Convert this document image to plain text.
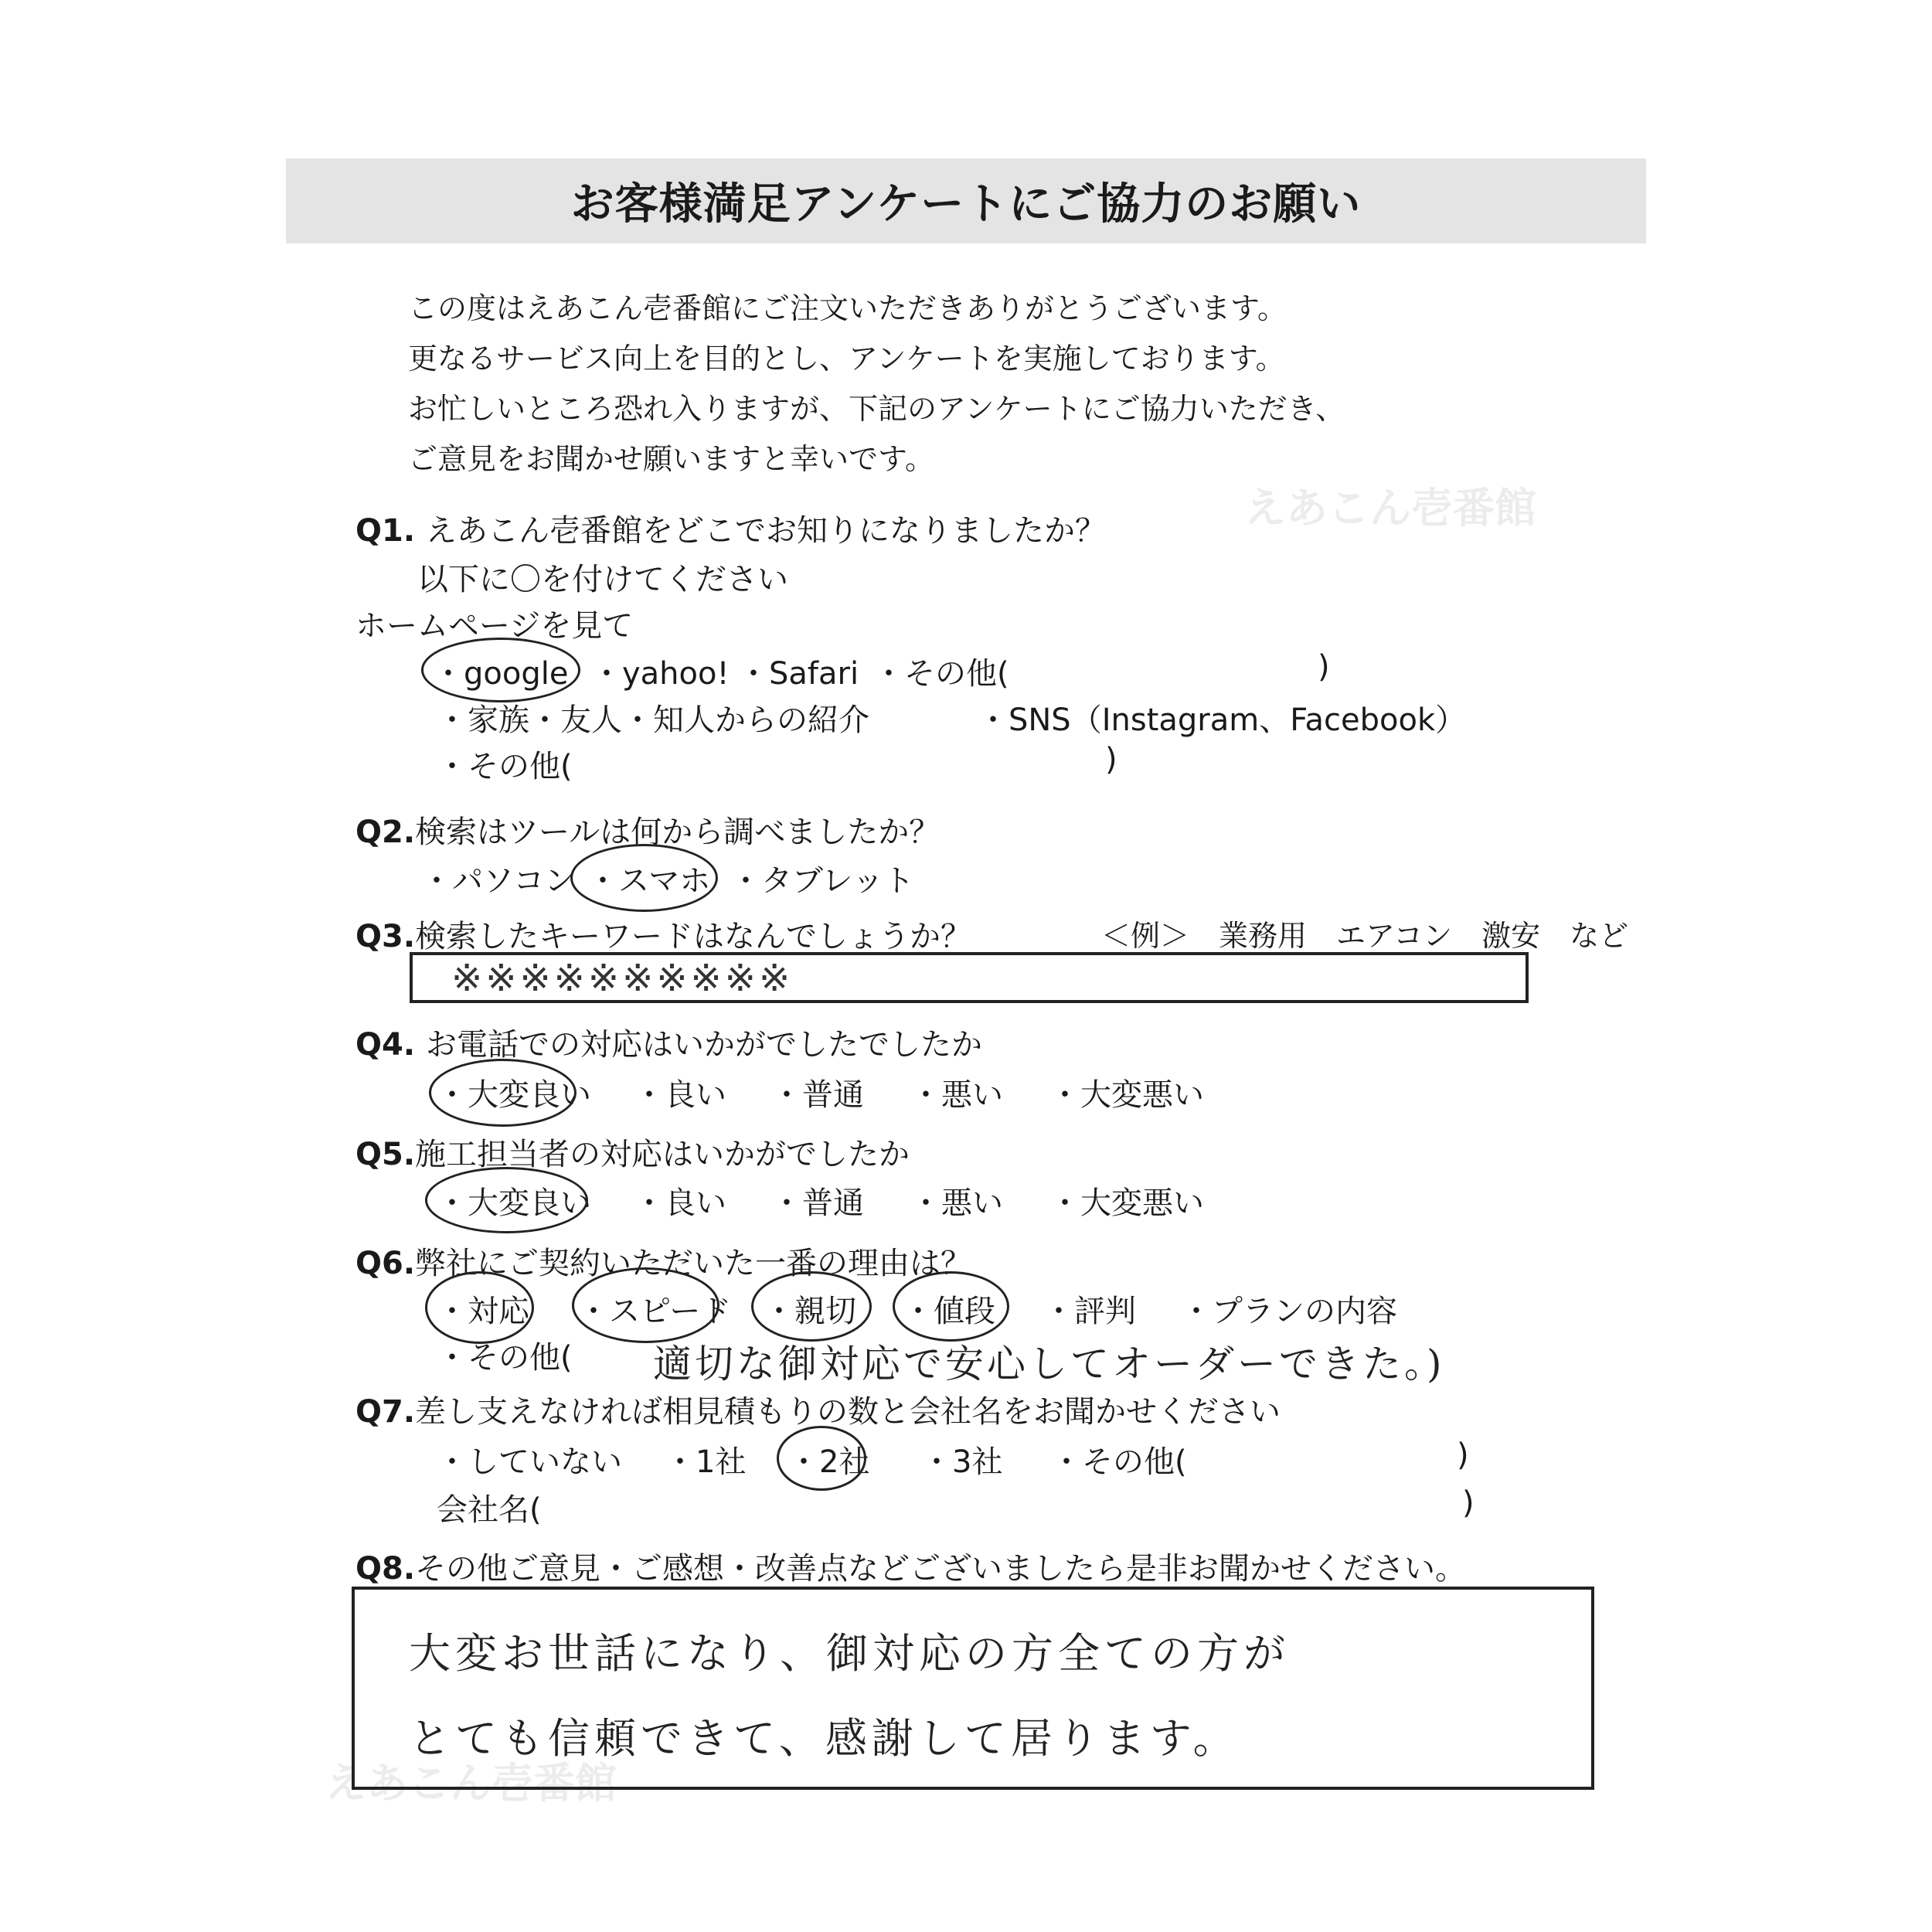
お客様満足アンケートにご協力のお願い
この度はえあこん壱番館にご注文いただきありがとうございます。
更なるサービス向上を目的とし、アンケートを実施しております。
お忙しいところ恐れ入りますが、下記のアンケートにご協力いただき、
ご意見をお聞かせ願いますと幸いです。
えあこん壱番館
えあこん壱番館
Q1. えあこん壱番館をどこでお知りになりましたか？
以下に〇を付けてください
ホームページを見て
・google ・yahoo! ・Safari ・その他(	)
・家族・友人・知人からの紹介	・SNS（Instagram、Facebook）
・その他(	)
Q2.検索はツールは何から調べましたか？
・パソコン ・スマホ ・タブレット
Q3.検索したキーワードはなんでしょうか？	＜例＞　業務用　エアコン　激安　など
※※※※※※※※※※
Q4. お電話での対応はいかがでしたでしたか
・大変良い ・良い ・普通 ・悪い ・大変悪い
Q5.施工担当者の対応はいかがでしたか
・大変良い ・良い ・普通 ・悪い ・大変悪い
Q6.弊社にご契約いただいた一番の理由は？
・対応 ・スピード ・親切 ・値段 ・評判 ・プランの内容
・その他( 適切な御対応で安心してオーダーできた。)
Q7.差し支えなければ相見積もりの数と会社名をお聞かせください
・していない ・1社 ・2社 ・3社 ・その他(	)
会社名(	)
Q8.その他ご意見・ご感想・改善点などございましたら是非お聞かせください。
大変お世話になり、御対応の方全ての方が
とても信頼できて、感謝して居ります。
